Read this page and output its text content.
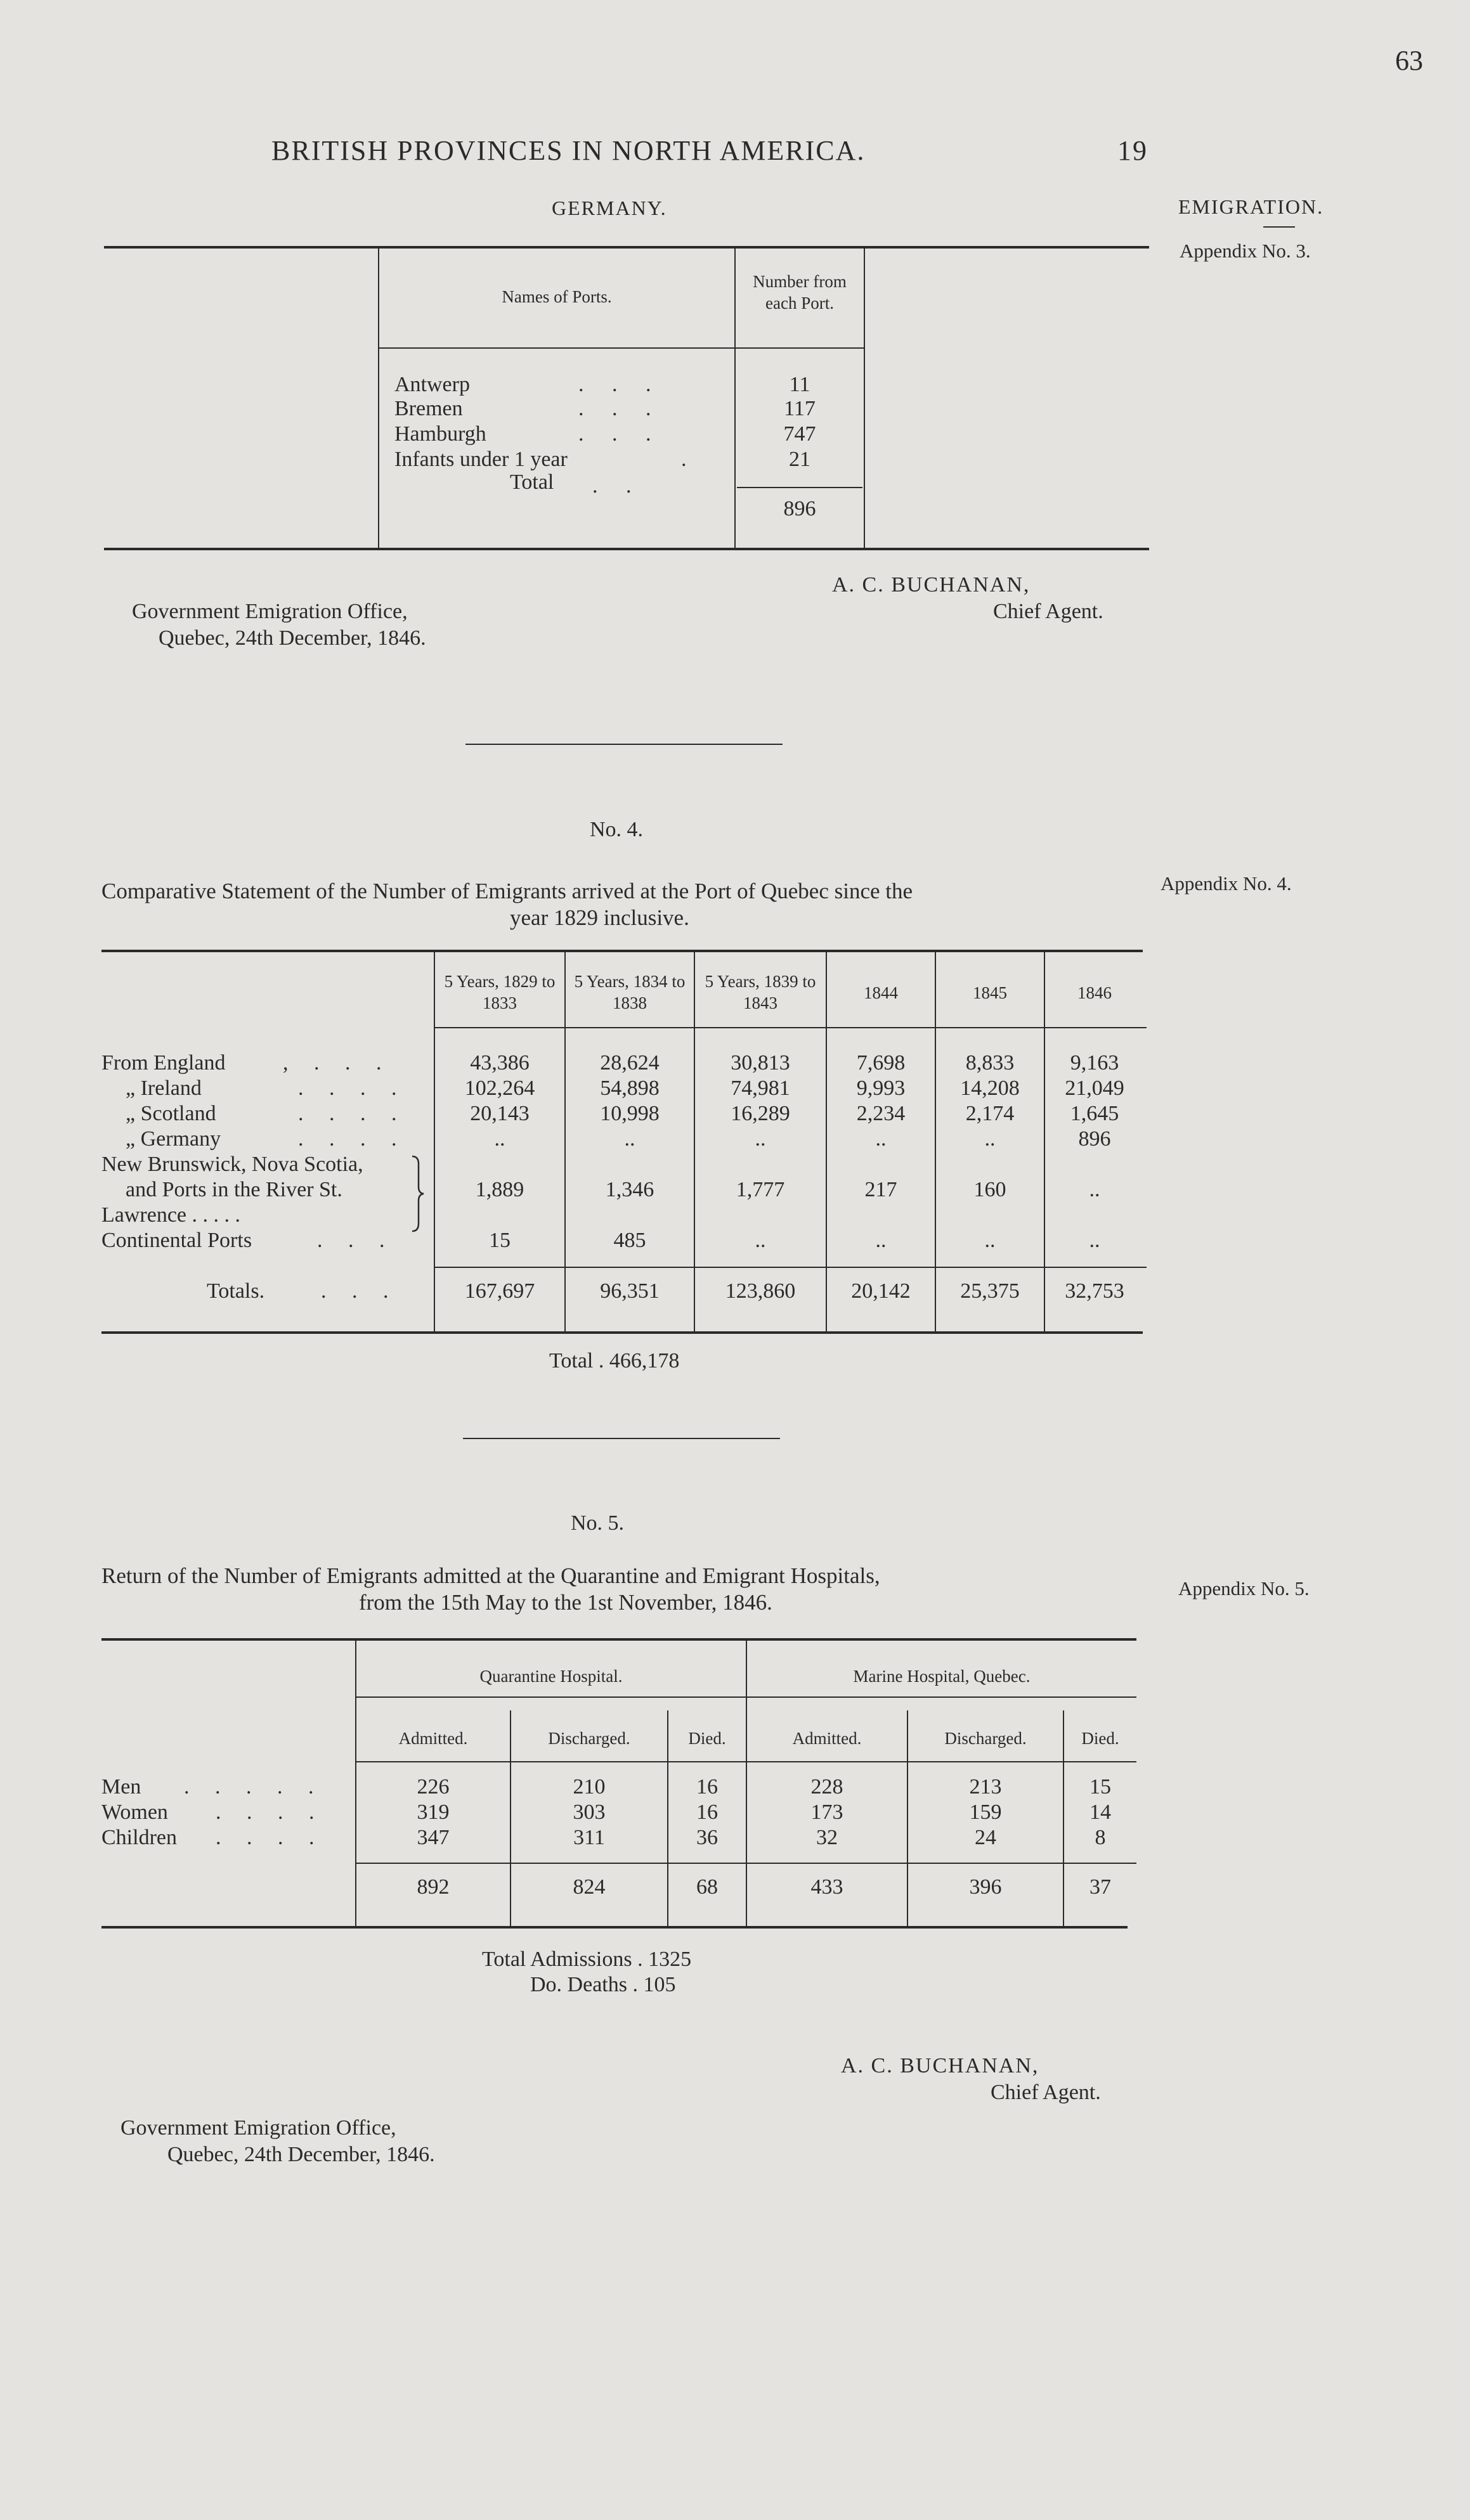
63
BRITISH PROVINCES IN NORTH AMERICA.	19
EMIGRATION.
Appendix No. 3.
Appendix No. 4.
Appendix No. 5.
GERMANY.
Names of Ports.
Number from each Port.
Antwerp	. . .	11
Bremen	. . .	117
Hamburgh	. . .	747
Infants under 1 year	.	21
Total . .
896
A. C. BUCHANAN,
Chief Agent.
Government Emigration Office,
Quebec, 24th December, 1846.
No. 4.
Comparative Statement of the Number of Emigrants arrived at the Port of Quebec since the
year 1829 inclusive.
5 Years, 1829 to 1833
5 Years, 1834 to 1838
5 Years, 1839 to 1843
1844	1845	1846
From England	, . . .	43,386	28,624	30,813	7,698	8,833	9,163
„ Ireland	. . . .	102,264	54,898	74,981	9,993	14,208	21,049
„ Scotland	. . . .	20,143	10,998	16,289	2,234	2,174	1,645
„ Germany	. . . .	..	..	..	..	..	896
New Brunswick, Nova Scotia,
and Ports in the River St.
Lawrence . . . . .
1,889	1,346	1,777	217	160	..
Continental Ports	. . .	15	485	..	..	..	..
Totals.	. . .	167,697	96,351	123,860	20,142	25,375	32,753
Total . 466,178
No. 5.
Return of the Number of Emigrants admitted at the Quarantine and Emigrant Hospitals,
from the 15th May to the 1st November, 1846.
Quarantine Hospital.	Marine Hospital, Quebec.
Admitted.	Discharged.	Died.	Admitted.	Discharged.	Died.
Men . . . . .	226	210	16	228	213	15
Women . . . .	319	303	16	173	159	14
Children . . . .	347	311	36	32	24	8
892	824	68	433	396	37
Total Admissions . 1325
Do. Deaths . 105
A. C. BUCHANAN,
Chief Agent.
Government Emigration Office,
Quebec, 24th December, 1846.
